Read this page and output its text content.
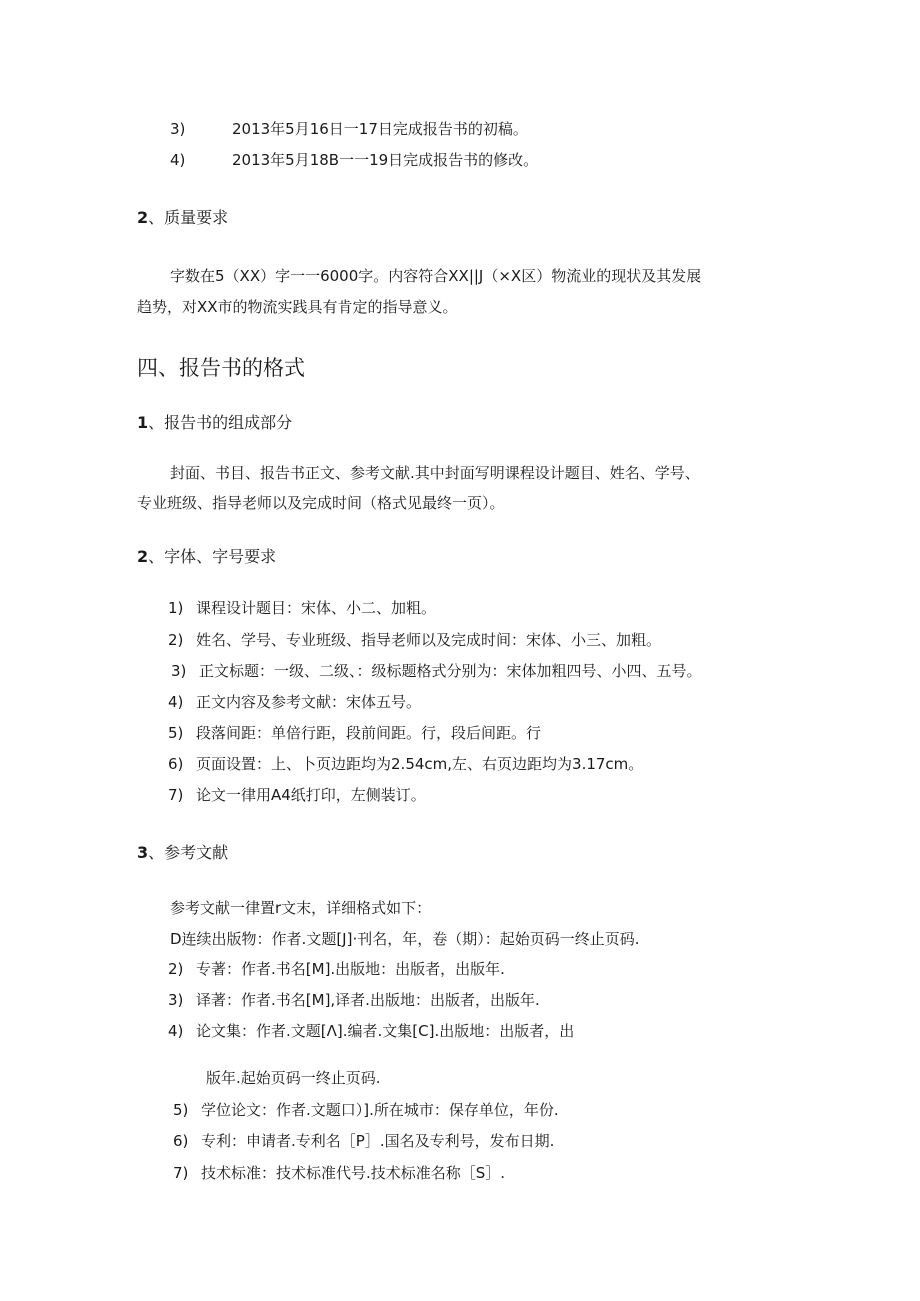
3)	2013年5月16日一17日完成报告书的初稿。
4)	2013年5月18B一一19日完成报告书的修改。
2、质量要求
字数在5（XX）字一一6000字。内容符合XX||J（×X区）物流业的现状及其发展
趋势，对XX市的物流实践具有肯定的指导意义。
四、报告书的格式
1、报告书的组成部分
封面、书目、报告书正文、参考文献.其中封面写明课程设计题目、姓名、学号、
专业班级、指导老师以及完成时间（格式见最终一页）。
2、字体、字号要求
1) 课程设计题目：宋体、小二、加粗。
2) 姓名、学号、专业班级、指导老师以及完成时间：宋体、小三、加粗。
3) 正文标题：一级、二级、：级标题格式分别为：宋体加粗四号、小四、五号。
4) 正文内容及参考文献：宋体五号。
5) 段落间距：单倍行距，段前间距。行，段后间距。行
6) 页面设置：上、卜页边距均为2.54cm,左、右页边距均为3.17cm。
7) 论文一律用A4纸打印，左侧装订。
3、参考文献
参考文献一律置r文末，详细格式如下：
D连续出版物：作者.文题[J]·刊名，年，卷（期）：起始页码一终止页码.
2) 专著：作者.书名[M].出版地：出版者，出版年.
3) 译著：作者.书名[M],译者.出版地：出版者，出版年.
4) 论文集：作者.文题[Λ].编者.文集[C].出版地：出版者，出
版年.起始页码一终止页码.
5) 学位论文：作者.文题口）].所在城市：保存单位，年份.
6) 专利：申请者.专利名［P］.国名及专利号，发布日期.
7) 技术标准：技术标准代号.技术标准名称［S］.
